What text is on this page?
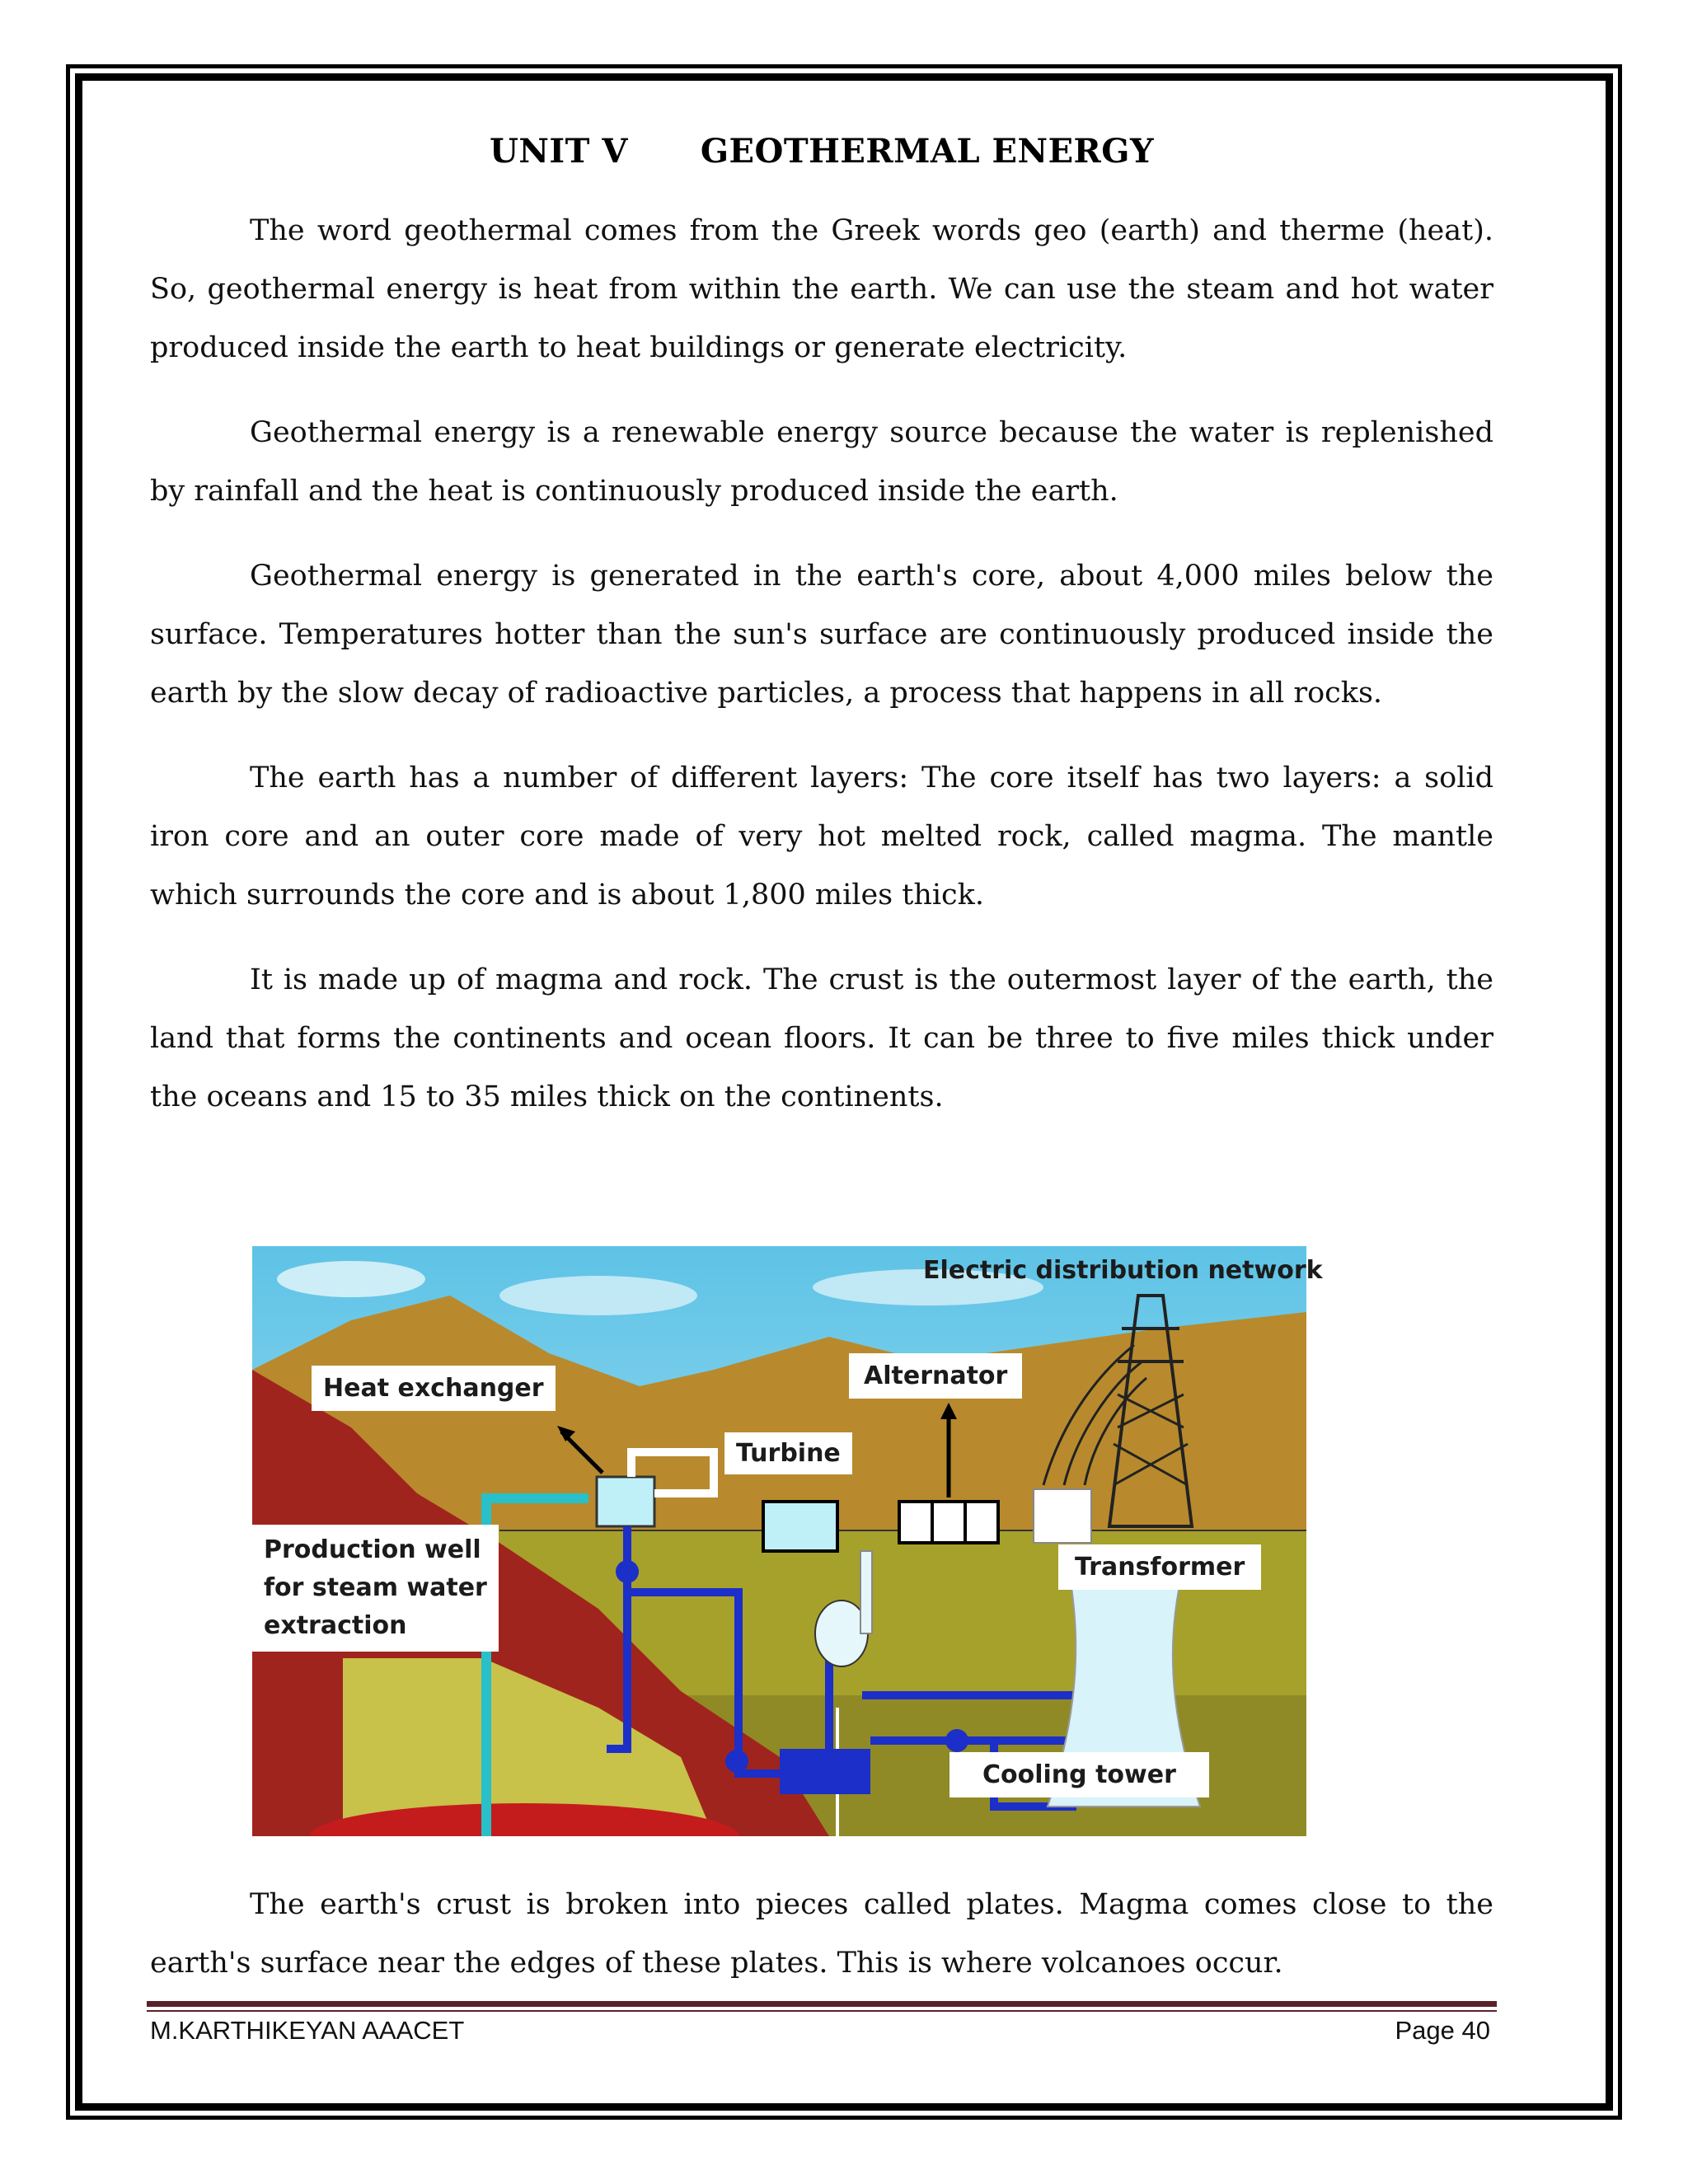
UNIT V GEOTHERMAL ENERGY

The word geothermal comes from the Greek words geo (earth) and therme (heat). So, geothermal energy is heat from within the earth. We can use the steam and hot water produced inside the earth to heat buildings or generate electricity.

Geothermal energy is a renewable energy source because the water is replenished by rainfall and the heat is continuously produced inside the earth.

Geothermal energy is generated in the earth's core, about 4,000 miles below the surface. Temperatures hotter than the sun's surface are continuously produced inside the earth by the slow decay of radioactive particles, a process that happens in all rocks.

The earth has a number of different layers: The core itself has two layers: a solid iron core and an outer core made of very hot melted rock, called magma. The mantle which surrounds the core and is about 1,800 miles thick.

It is made up of magma and rock. The crust is the outermost layer of the earth, the land that forms the continents and ocean floors. It can be three to five miles thick under the oceans and 15 to 35 miles thick on the continents.

Electric distribution network
Heat exchanger	Alternator
Turbine
Production well
for steam water
extraction
Transformer
Cooling tower

The earth's crust is broken into pieces called plates. Magma comes close to the earth's surface near the edges of these plates. This is where volcanoes occur.

M.KARTHIKEYAN AAACET	Page 40
